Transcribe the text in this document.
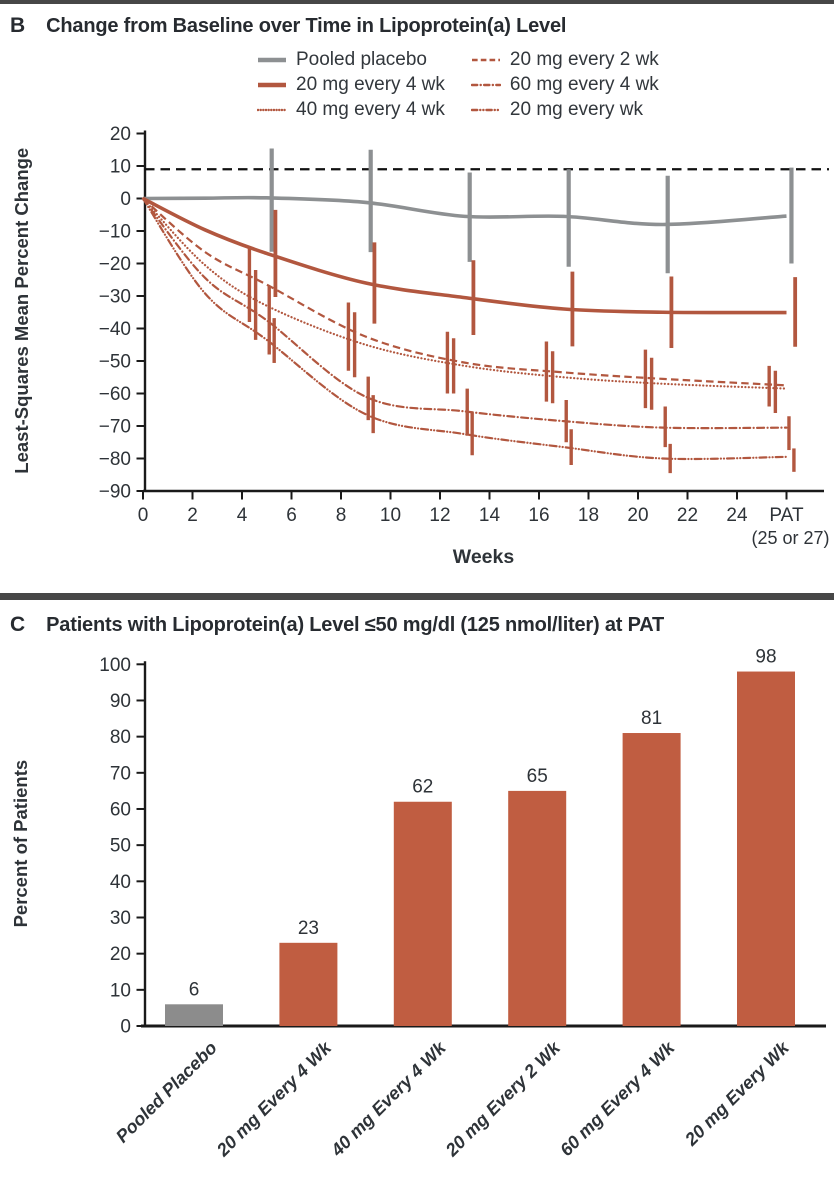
B Change from Baseline over Time in Lipoprotein(a) Level
Pooled placebo
20 mg every 4 wk
40 mg every 4 wk
20 mg every 2 wk
60 mg every 4 wk
20 mg every wk
20
10
0
−10
−20
−30
−40
−50
−60
−70
−80
−90
0 2 4 6 8 10 12 14 16 18 20 22 24 PAT
(25 or 27)
Weeks
Least-Squares Mean Percent Change
C Patients with Lipoprotein(a) Level ≤50 mg/dl (125 nmol/liter) at PAT
0
10
20
30
40
50
60
70
80
90
100
Percent of Patients
6
Pooled Placebo
23
20 mg Every 4 Wk
62
40 mg Every 4 Wk
65
20 mg Every 2 Wk
81
60 mg Every 4 Wk
98
20 mg Every Wk
